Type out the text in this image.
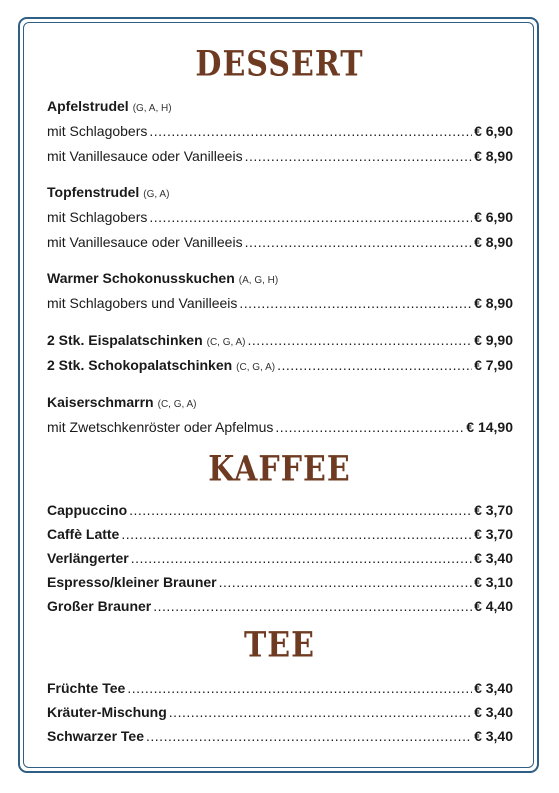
DESSERT
Apfelstrudel (G, A, H)
mit Schlagobers .....	€ 6,90
mit Vanillesauce oder Vanilleeis .....	€ 8,90
Topfenstrudel (G, A)
mit Schlagobers .....	€ 6,90
mit Vanillesauce oder Vanilleeis .....	€ 8,90
Warmer Schokonusskuchen (A, G, H)
mit Schlagobers und Vanilleeis .....	€ 8,90
2 Stk. Eispalatschinken (C, G, A) .....	€ 9,90
2 Stk. Schokopalatschinken (C, G, A) .....	€ 7,90
Kaiserschmarrn (C, G, A)
mit Zwetschkenröster oder Apfelmus .....	€ 14,90
KAFFEE
Cappuccino .....	€ 3,70
Caffè Latte .....	€ 3,70
Verlängerter .....	€ 3,40
Espresso/kleiner Brauner .....	€ 3,10
Großer Brauner .....	€ 4,40
TEE
Früchte Tee .....	€ 3,40
Kräuter-Mischung .....	€ 3,40
Schwarzer Tee .....	€ 3,40
